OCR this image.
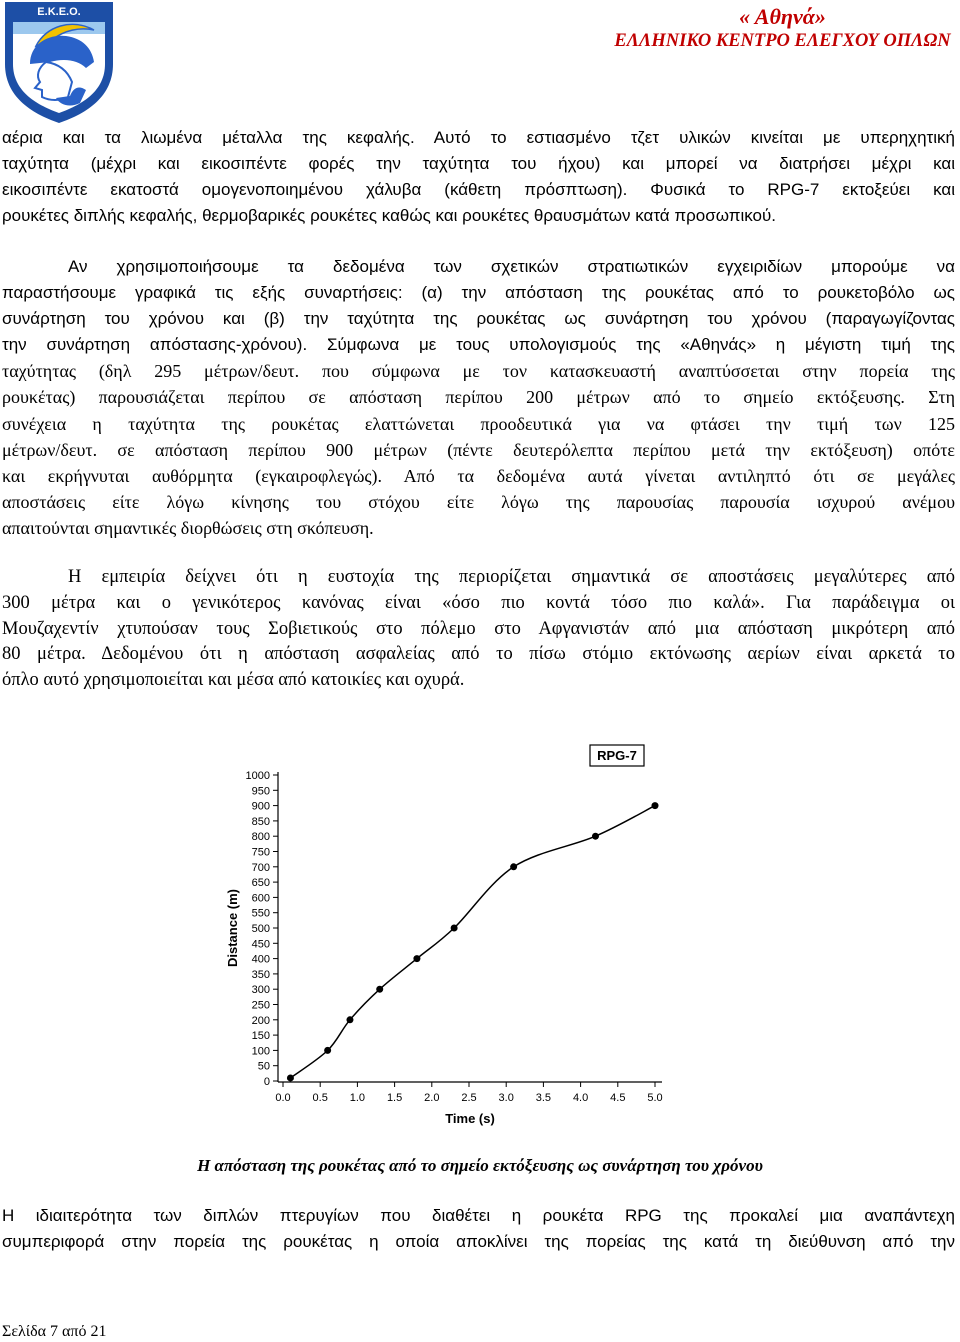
E.K.E.O.	« Αθηνά»
ΕΛΛΗΝΙΚΟ ΚΕΝΤΡΟ ΕΛΕΓΧΟΥ ΟΠΛΩΝ
αέρια και τα λιωμένα μέταλλα της κεφαλής. Αυτό το εστιασμένο τζετ υλικών κινείται με υπερηχητική
ταχύτητα (μέχρι και εικοσιπέντε φορές την ταχύτητα του ήχου) και μπορεί να διατρήσει μέχρι και
εικοσιπέντε εκατοστά ομογενοποιημένου χάλυβα (κάθετη πρόσπτωση). Φυσικά το RPG-7 εκτοξεύει και
ρουκέτες διπλής κεφαλής, θερμοβαρικές ρουκέτες καθώς και ρουκέτες θραυσμάτων κατά προσωπικού.
Αν χρησιμοποιήσουμε τα δεδομένα των σχετικών στρατιωτικών εγχειριδίων μπορούμε να
παραστήσουμε γραφικά τις εξής συναρτήσεις: (α) την απόσταση της ρουκέτας από το ρουκετοβόλο ως
συνάρτηση του χρόνου και (β) την ταχύτητα της ρουκέτας ως συνάρτηση του χρόνου (παραγωγίζοντας
την συνάρτηση απόστασης-χρόνου). Σύμφωνα με τους υπολογισμούς της «Αθηνάς» η μέγιστη τιμή της
ταχύτητας (δηλ 295 μέτρων/δευτ. που σύμφωνα με τον κατασκευαστή αναπτύσσεται στην πορεία της
ρουκέτας) παρουσιάζεται περίπου σε απόσταση περίπου 200 μέτρων από το σημείο εκτόξευσης. Στη
συνέχεια η ταχύτητα της ρουκέτας ελαττώνεται προοδευτικά για να φτάσει την τιμή των 125
μέτρων/δευτ. σε απόσταση περίπου 900 μέτρων (πέντε δευτερόλεπτα περίπου μετά την εκτόξευση) οπότε
και εκρήγνυται αυθόρμητα (εγκαιροφλεγώς). Από τα δεδομένα αυτά γίνεται αντιληπτό ότι σε μεγάλες
αποστάσεις είτε λόγω κίνησης του στόχου είτε λόγω της παρουσίας παρουσία ισχυρού ανέμου
απαιτούνται σημαντικές διορθώσεις στη σκόπευση.
Η εμπειρία δείχνει ότι η ευστοχία της περιορίζεται σημαντικά σε αποστάσεις μεγαλύτερες από
300 μέτρα και ο γενικότερος κανόνας είναι «όσο πιο κοντά τόσο πιο καλά». Για παράδειγμα οι
Μουζαχεντίν χτυπούσαν τους Σοβιετικούς στο πόλεμο στο Αφγανιστάν από μια απόσταση μικρότερη από
80 μέτρα. Δεδομένου ότι η απόσταση ασφαλείας από το πίσω στόμιο εκτόνωσης αερίων είναι αρκετά το
όπλο αυτό χρησιμοποιείται και μέσα από κατοικίες και οχυρά.
RPG-7
Time (s)
Distance (m)
0
50
100
150
200
250
300
350
400
450
500
550
600
650
700
750
800
850
900
950
1000
0.0 0.5 1.0 1.5 2.0 2.5 3.0 3.5 4.0 4.5 5.0
Η απόσταση της ρουκέτας από το σημείο εκτόξευσης ως συνάρτηση του χρόνου
Η ιδιαιτερότητα των διπλών πτερυγίων που διαθέτει η ρουκέτα RPG της προκαλεί μια αναπάντεχη
συμπεριφορά στην πορεία της ρουκέτας η οποία αποκλίνει της πορείας της κατά τη διεύθυνση από την
Σελίδα 7 από 21
